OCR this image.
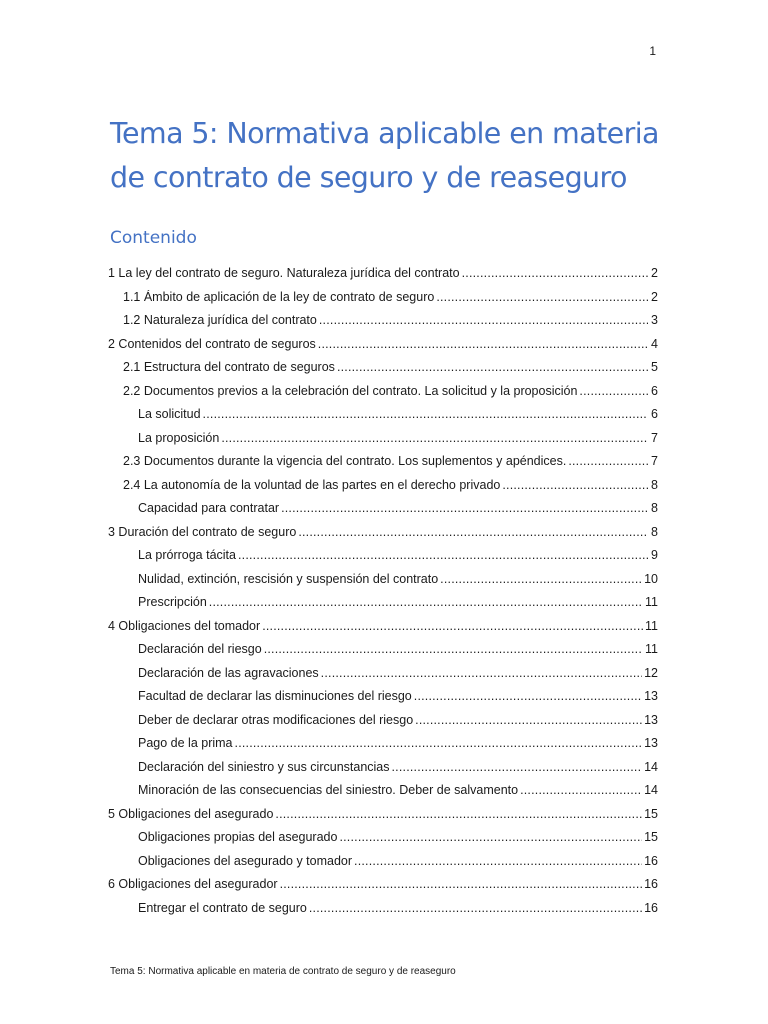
1
Tema 5: Normativa aplicable en materia de contrato de seguro y de reaseguro
Contenido
1 La ley del contrato de seguro. Naturaleza jurídica del contrato .....	2
1.1 Ámbito de aplicación de la ley de contrato de seguro .....	2
1.2 Naturaleza jurídica del contrato .....	3
2 Contenidos del contrato de seguros .....	4
2.1 Estructura del contrato de seguros .....	5
2.2 Documentos previos a la celebración del contrato. La solicitud y la proposición .....	6
La solicitud .....	6
La proposición .....	7
2.3 Documentos durante la vigencia del contrato. Los suplementos y apéndices. .....	7
2.4 La autonomía de la voluntad de las partes en el derecho privado .....	8
Capacidad para contratar .....	8
3 Duración del contrato de seguro .....	8
La prórroga tácita .....	9
Nulidad, extinción, rescisión y suspensión del contrato .....	10
Prescripción .....	11
4 Obligaciones del tomador .....	11
Declaración del riesgo .....	11
Declaración de las agravaciones .....	12
Facultad de declarar las disminuciones del riesgo .....	13
Deber de declarar otras modificaciones del riesgo .....	13
Pago de la prima .....	13
Declaración del siniestro y sus circunstancias .....	14
Minoración de las consecuencias del siniestro. Deber de salvamento .....	14
5 Obligaciones del asegurado .....	15
Obligaciones propias del asegurado .....	15
Obligaciones del asegurado y tomador .....	16
6 Obligaciones del asegurador .....	16
Entregar el contrato de seguro .....	16
Tema 5: Normativa aplicable en materia de contrato de seguro y de reaseguro
